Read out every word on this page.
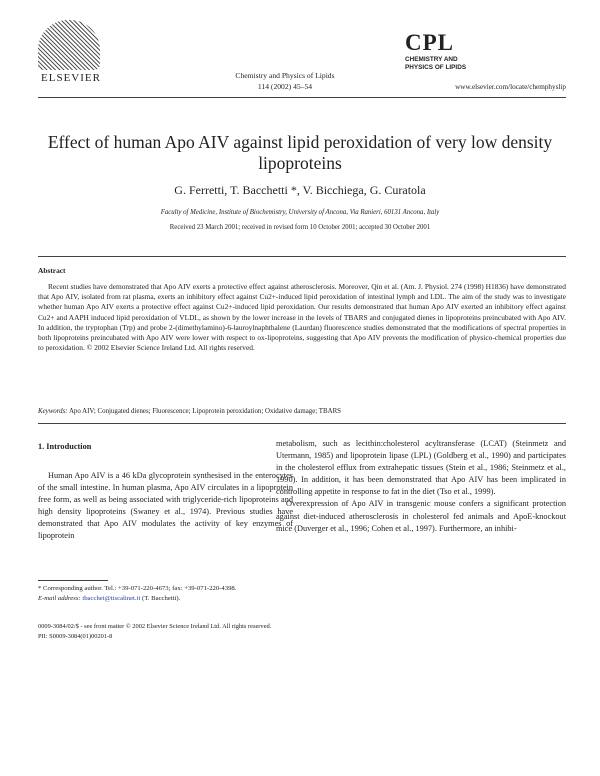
ELSEVIER	Chemistry and Physics of Lipids
114 (2002) 45–54
CPL
CHEMISTRY AND
PHYSICS OF LIPIDS
www.elsevier.com/locate/chemphyslip
Effect of human Apo AIV against lipid peroxidation of very low density lipoproteins
G. Ferretti, T. Bacchetti *, V. Bicchiega, G. Curatola
Faculty of Medicine, Institute of Biochemistry, University of Ancona, Via Ranieri, 60131 Ancona, Italy
Received 23 March 2001; received in revised form 10 October 2001; accepted 30 October 2001
Abstract

Recent studies have demonstrated that Apo AIV exerts a protective effect against atherosclerosis. Moreover, Qin et al. (Am. J. Physiol. 274 (1998) H1836) have demonstrated that Apo AIV, isolated from rat plasma, exerts an inhibitory effect against Cu2+-induced lipid peroxidation of intestinal lymph and LDL. The aim of the study was to investigate whether human Apo AIV exerts a protective effect against Cu2+-induced lipid peroxidation. Our results demonstrated that human Apo AIV exerted an inhibitory effect against Cu2+ and AAPH induced lipid peroxidation of VLDL, as shown by the lower increase in the levels of TBARS and conjugated dienes in lipoproteins preincubated with Apo AIV. In addition, the tryptophan (Trp) and probe 2-(dimethylamino)-6-lauroylnaphthalene (Laurdan) fluorescence studies demonstrated that the modifications of spectral properties in both lipoproteins preincubated with Apo AIV were lower with respect to ox-lipoproteins, suggesting that Apo AIV prevents the modification of physico-chemical properties due to peroxidation. © 2002 Elsevier Science Ireland Ltd. All rights reserved.

Keywords: Apo AIV; Conjugated dienes; Fluorescence; Lipoprotein peroxidation; Oxidative damage; TBARS
1. Introduction

Human Apo AIV is a 46 kDa glycoprotein synthesised in the enterocytes of the small intestine. In human plasma, Apo AIV circulates in a lipoprotein free form, as well as being associated with triglyceride-rich lipoproteins and high density lipoproteins (Swaney et al., 1974). Previous studies have demonstrated that Apo AIV modulates the activity of key enzymes of lipoprotein

metabolism, such as lecithin:cholesterol acyltransferase (LCAT) (Steinmetz and Utermann, 1985) and lipoprotein lipase (LPL) (Goldberg et al., 1990) and participates in the cholesterol efflux from extrahepatic tissues (Stein et al., 1986; Steinmetz et al., 1990). In addition, it has been demonstrated that Apo AIV has been implicated in controlling appetite in response to fat in the diet (Tso et al., 1999).

Overexpression of Apo AIV in transgenic mouse confers a significant protection against diet-induced atherosclerosis in cholesterol fed animals and ApoE-knockout mice (Duverger et al., 1996; Cohen et al., 1997). Furthermore, an inhibi-

* Corresponding author. Tel.: +39-071-220-4673; fax: +39-071-220-4398.
E-mail address: tbacchet@tiscalinet.it (T. Bacchetti).
0009-3084/02/$ - see front matter © 2002 Elsevier Science Ireland Ltd. All rights reserved.
PII: S0009-3084(01)00201-8
